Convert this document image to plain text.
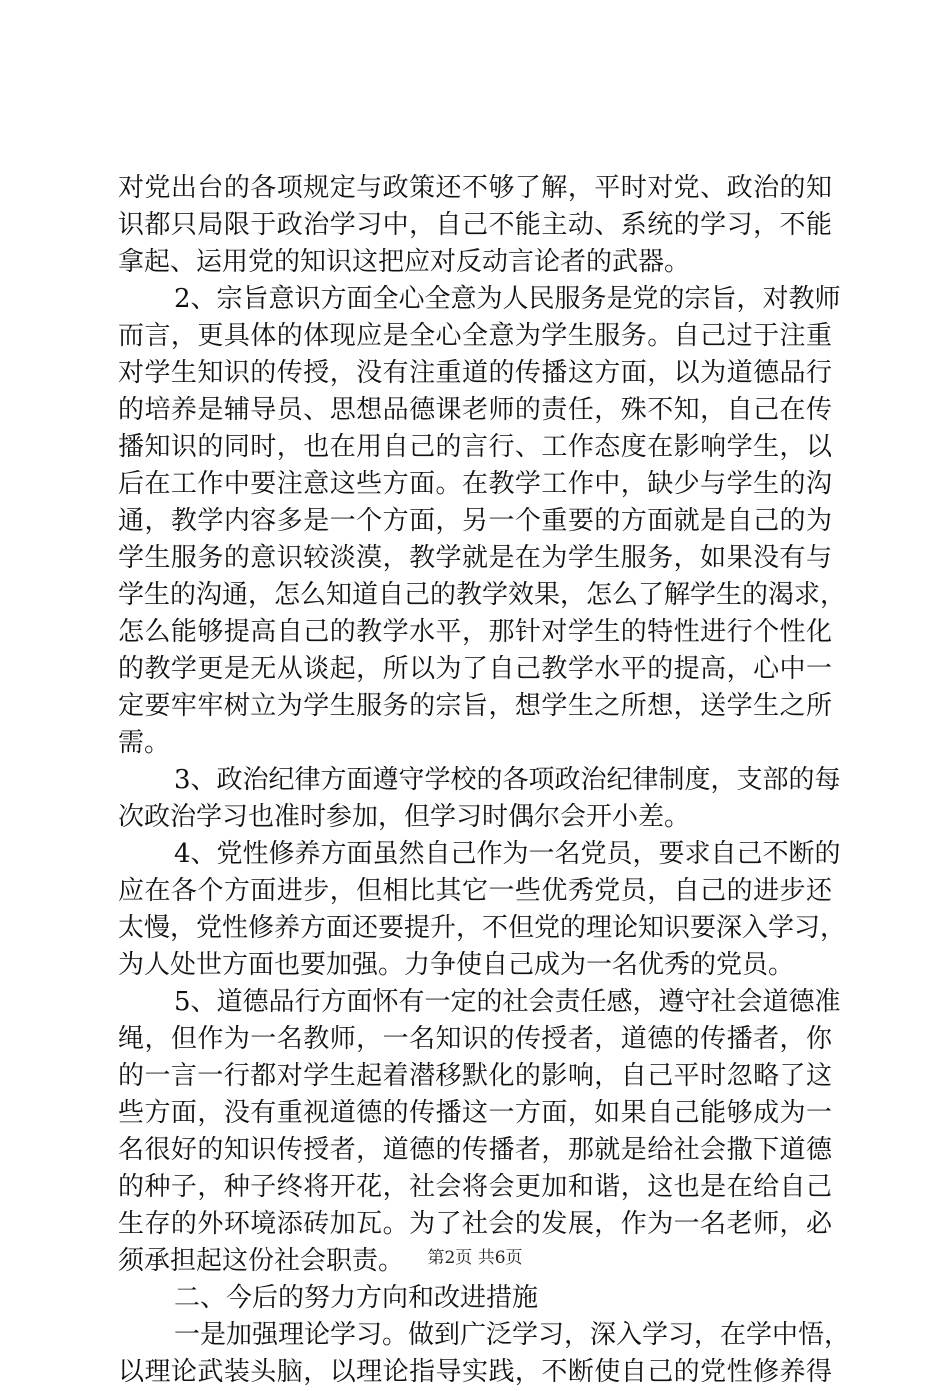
对党出台的各项规定与政策还不够了解，平时对党、政治的知
识都只局限于政治学习中，自己不能主动、系统的学习，不能
拿起、运用党的知识这把应对反动言论者的武器。
2、宗旨意识方面全心全意为人民服务是党的宗旨，对教师
而言，更具体的体现应是全心全意为学生服务。自己过于注重
对学生知识的传授，没有注重道的传播这方面，以为道德品行
的培养是辅导员、思想品德课老师的责任，殊不知，自己在传
播知识的同时，也在用自己的言行、工作态度在影响学生，以
后在工作中要注意这些方面。在教学工作中，缺少与学生的沟
通，教学内容多是一个方面，另一个重要的方面就是自己的为
学生服务的意识较淡漠，教学就是在为学生服务，如果没有与
学生的沟通，怎么知道自己的教学效果，怎么了解学生的渴求，
怎么能够提高自己的教学水平，那针对学生的特性进行个性化
的教学更是无从谈起，所以为了自己教学水平的提高，心中一
定要牢牢树立为学生服务的宗旨，想学生之所想，送学生之所
需。
3、政治纪律方面遵守学校的各项政治纪律制度，支部的每
次政治学习也准时参加，但学习时偶尔会开小差。
4、党性修养方面虽然自己作为一名党员，要求自己不断的
应在各个方面进步，但相比其它一些优秀党员，自己的进步还
太慢，党性修养方面还要提升，不但党的理论知识要深入学习，
为人处世方面也要加强。力争使自己成为一名优秀的党员。
5、道德品行方面怀有一定的社会责任感，遵守社会道德准
绳，但作为一名教师，一名知识的传授者，道德的传播者，你
的一言一行都对学生起着潜移默化的影响，自己平时忽略了这
些方面，没有重视道德的传播这一方面，如果自己能够成为一
名很好的知识传授者，道德的传播者，那就是给社会撒下道德
的种子，种子终将开花，社会将会更加和谐，这也是在给自己
生存的外环境添砖加瓦。为了社会的发展，作为一名老师，必
须承担起这份社会职责。
二、今后的努力方向和改进措施
一是加强理论学习。做到广泛学习，深入学习，在学中悟，
以理论武装头脑，以理论指导实践，不断使自己的党性修养得
第2页 共6页
